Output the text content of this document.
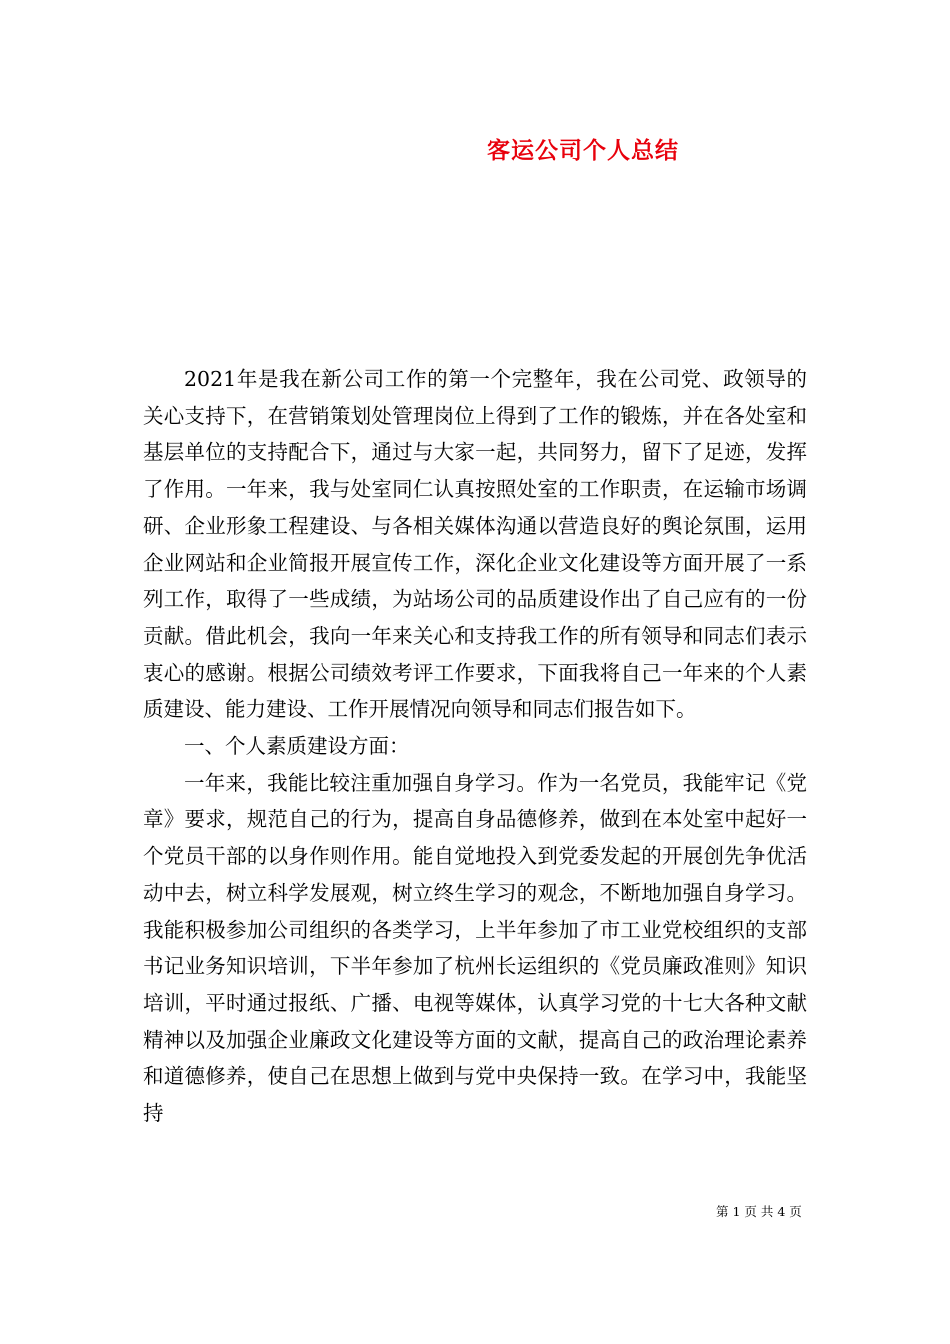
客运公司个人总结

2021年是我在新公司工作的第一个完整年，我在公司党、政领导的关心支持下，在营销策划处管理岗位上得到了工作的锻炼，并在各处室和基层单位的支持配合下，通过与大家一起，共同努力，留下了足迹，发挥了作用。一年来，我与处室同仁认真按照处室的工作职责，在运输市场调研、企业形象工程建设、与各相关媒体沟通以营造良好的舆论氛围，运用企业网站和企业简报开展宣传工作，深化企业文化建设等方面开展了一系列工作，取得了一些成绩，为站场公司的品质建设作出了自己应有的一份贡献。借此机会，我向一年来关心和支持我工作的所有领导和同志们表示衷心的感谢。根据公司绩效考评工作要求，下面我将自己一年来的个人素质建设、能力建设、工作开展情况向领导和同志们报告如下。

一、个人素质建设方面：

一年来，我能比较注重加强自身学习。作为一名党员，我能牢记《党章》要求，规范自己的行为，提高自身品德修养，做到在本处室中起好一个党员干部的以身作则作用。能自觉地投入到党委发起的开展创先争优活动中去，树立科学发展观，树立终生学习的观念，不断地加强自身学习。我能积极参加公司组织的各类学习，上半年参加了市工业党校组织的支部书记业务知识培训，下半年参加了杭州长运组织的《党员廉政准则》知识培训，平时通过报纸、广播、电视等媒体，认真学习党的十七大各种文献精神以及加强企业廉政文化建设等方面的文献，提高自己的政治理论素养和道德修养，使自己在思想上做到与党中央保持一致。在学习中，我能坚持

第 1 页 共 4 页
